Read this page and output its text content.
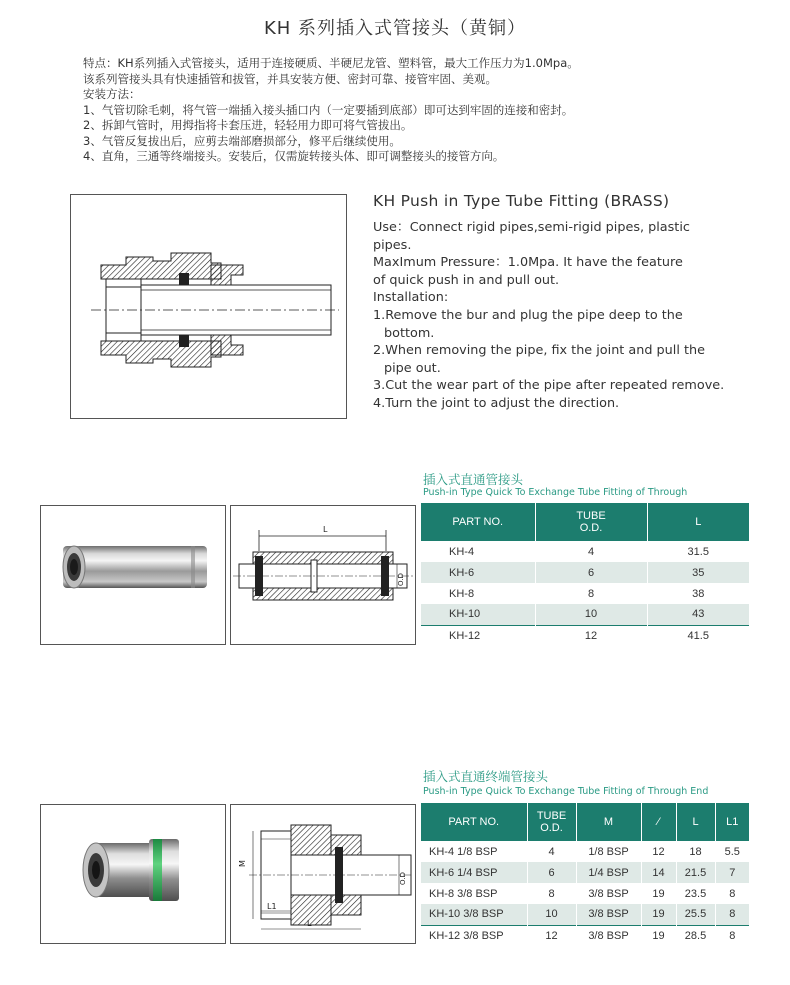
KH 系列插入式管接头（黄铜）
特点：KH系列插入式管接头，适用于连接硬质、半硬尼龙管、塑料管，最大工作压力为1.0Mpa。
该系列管接头具有快速插管和拔管，并具安装方便、密封可靠、接管牢固、美观。
安装方法：
1、气管切除毛刺，将气管一端插入接头插口内（一定要插到底部）即可达到牢固的连接和密封。
2、拆卸气管时，用拇指将卡套压进，轻轻用力即可将气管拔出。
3、气管反复拔出后，应剪去端部磨损部分，修平后继续使用。
4、直角，三通等终端接头。安装后，仅需旋转接头体、即可调整接头的接管方向。
KH Push in Type Tube Fitting (BRASS)
Use：Connect rigid pipes,semi-rigid pipes, plastic
pipes.
MaxImum Pressure：1.0Mpa. It have the feature
of quick push in and pull out.
Installation:
1.Remove the bur and plug the pipe deep to the
bottom.
2.When removing the pipe, fix the joint and pull the
pipe out.
3.Cut the wear part of the pipe after repeated remove.
4.Turn the joint to adjust the direction.
插入式直通管接头
Push-in Type Quick To Exchange Tube Fitting of Through
L
O.D
PART NO.	TUBE
O.D.	L
KH-4	4	31.5
KH-6	6	35
KH-8	8	38
KH-10	10	43
KH-12	12	41.5
插入式直通终端管接头
Push-in Type Quick To Exchange Tube Fitting of Through End
M
O.D
L1
L
PART NO.	TUBE
O.D.	M	⁄	L	L1
KH-4 1/8 BSP	4	1/8 BSP	12	18	5.5
KH-6 1/4 BSP	6	1/4 BSP	14	21.5	7
KH-8 3/8 BSP	8	3/8 BSP	19	23.5	8
KH-10 3/8 BSP	10	3/8 BSP	19	25.5	8
KH-12 3/8 BSP	12	3/8 BSP	19	28.5	8
